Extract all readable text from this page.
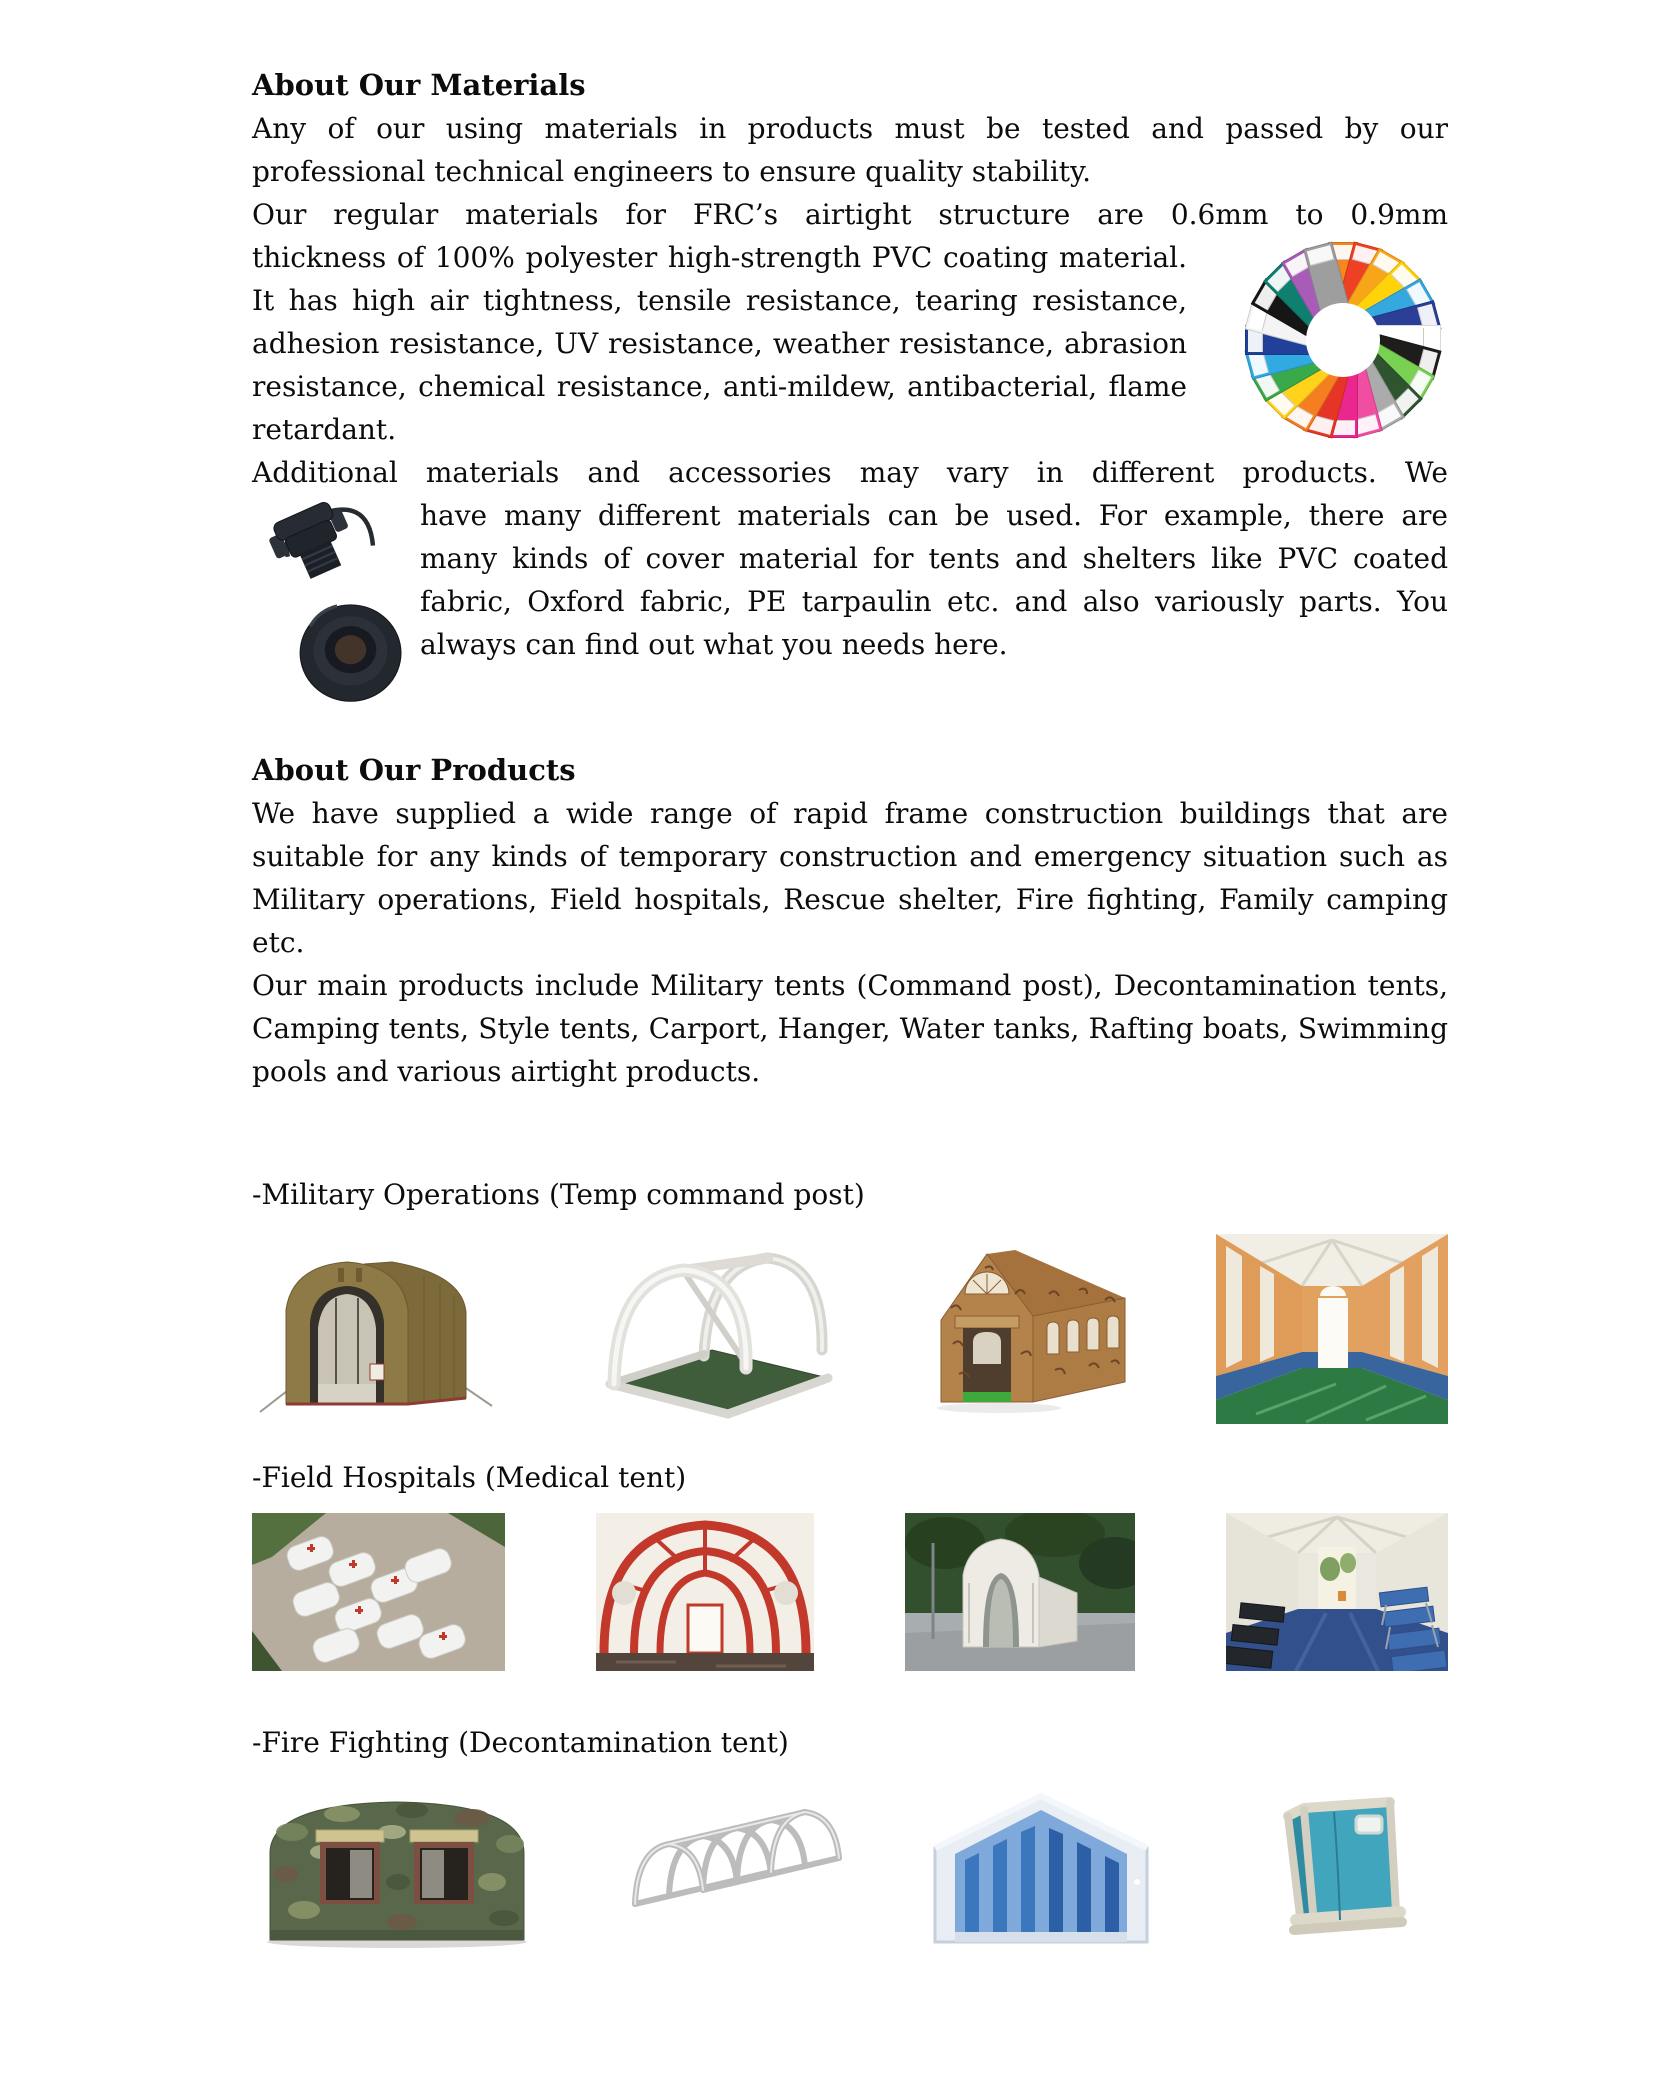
About Our Materials

Any of our using materials in products must be tested and passed by our professional technical engineers to ensure quality stability.

Our regular materials for FRC’s airtight structure are 0.6mm to 0.9mm

thickness of 100% polyester high-strength PVC coating material. It has high air tightness, tensile resistance, tearing resistance, adhesion resistance, UV resistance, weather resistance, abrasion resistance, chemical resistance, anti-mildew, antibacterial, flame retardant.

Additional materials and accessories may vary in different products. We

have many different materials can be used. For example, there are many kinds of cover material for tents and shelters like PVC coated fabric, Oxford fabric, PE tarpaulin etc. and also variously parts. You always can find out what you needs here.

About Our Products

We have supplied a wide range of rapid frame construction buildings that are suitable for any kinds of temporary construction and emergency situation such as Military operations, Field hospitals, Rescue shelter, Fire fighting, Family camping etc.

Our main products include Military tents (Command post), Decontamination tents, Camping tents, Style tents, Carport, Hanger, Water tanks, Rafting boats, Swimming pools and various airtight products.

-Military Operations (Temp command post)

-Field Hospitals (Medical tent)

-Fire Fighting (Decontamination tent)
